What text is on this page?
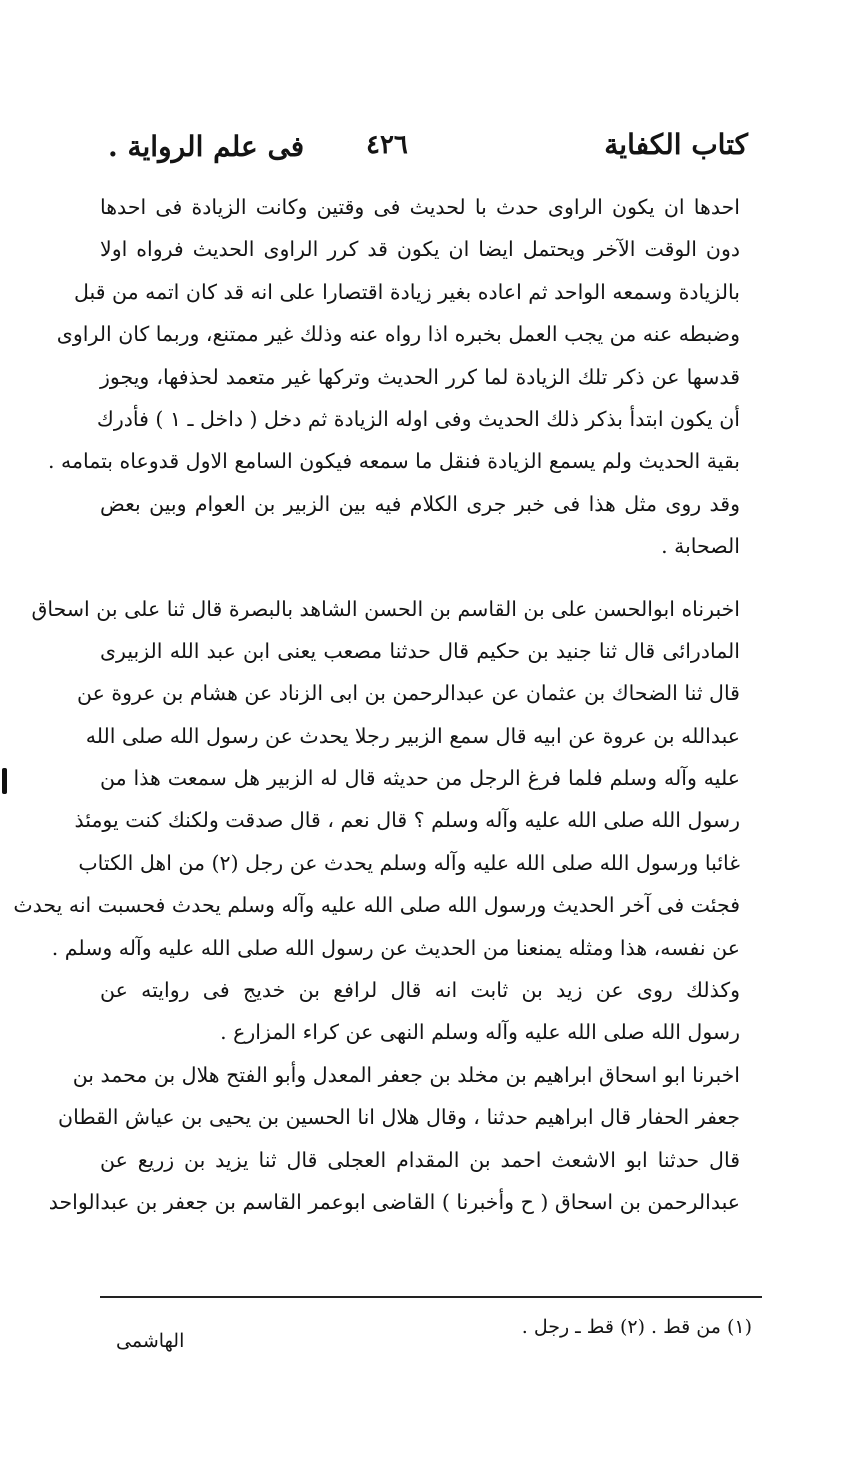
كتاب الكفاية
٤٢٦
فى علم الرواية .
احدها ان يكون الراوى حدث با لحديث فى وقتين وكانت الزيادة فى احدها
دون الوقت الآخر ويحتمل ايضا ان يكون قد كرر الراوى الحديث فرواه اولا
بالزيادة وسمعه الواحد ثم اعاده بغير زيادة اقتصارا على انه قد كان اتمه من قبل
وضبطه عنه من يجب العمل بخبره اذا رواه عنه وذلك غير ممتنع، وربما كان الراوى
قدسها عن ذكر تلك الزيادة لما كرر الحديث وتركها غير متعمد لحذفها، ويجوز
أن يكون ابتدأ بذكر ذلك الحديث وفى اوله الزيادة ثم دخل ( داخل ـ ١ ) فأدرك
بقية الحديث ولم يسمع الزيادة فنقل ما سمعه فيكون السامع الاول قدوعاه بتمامه .
وقد روى مثل هذا فى خبر جرى الكلام فيه بين الزبير بن العوام وبين بعض
الصحابة .
اخبرناه ابوالحسن على بن القاسم بن الحسن الشاهد بالبصرة قال ثنا على بن اسحاق
المادرائى قال ثنا جنيد بن حكيم قال حدثنا مصعب يعنى ابن عبد الله الزبيرى
قال ثنا الضحاك بن عثمان عن عبدالرحمن بن ابى الزناد عن هشام بن عروة عن
عبدالله بن عروة عن ابيه قال سمع الزبير رجلا يحدث عن رسول الله صلى الله
عليه وآله وسلم فلما فرغ الرجل من حديثه قال له الزبير هل سمعت هذا من
رسول الله صلى الله عليه وآله وسلم ؟ قال نعم ، قال صدقت ولكنك كنت يومئذ
غائبا ورسول الله صلى الله عليه وآله وسلم يحدث عن رجل (٢) من اهل الكتاب
فجئت فى آخر الحديث ورسول الله صلى الله عليه وآله وسلم يحدث فحسبت انه يحدث
عن نفسه، هذا ومثله يمنعنا من الحديث عن رسول الله صلى الله عليه وآله وسلم .
وكذلك روى عن زيد بن ثابت انه قال لرافع بن خديج فى روايته عن
رسول الله صلى الله عليه وآله وسلم النهى عن كراء المزارع .
اخبرنا ابو اسحاق ابراهيم بن مخلد بن جعفر المعدل وأبو الفتح هلال بن محمد بن
جعفر الحفار قال ابراهيم حدثنا ، وقال هلال انا الحسين بن يحيى بن عياش القطان
قال حدثنا ابو الاشعث احمد بن المقدام العجلى قال ثنا يزيد بن زريع عن
عبدالرحمن بن اسحاق ( ح وأخبرنا ) القاضى ابوعمر القاسم بن جعفر بن عبدالواحد
(١) من قط . (٢) قط ـ رجل .
الهاشمى
